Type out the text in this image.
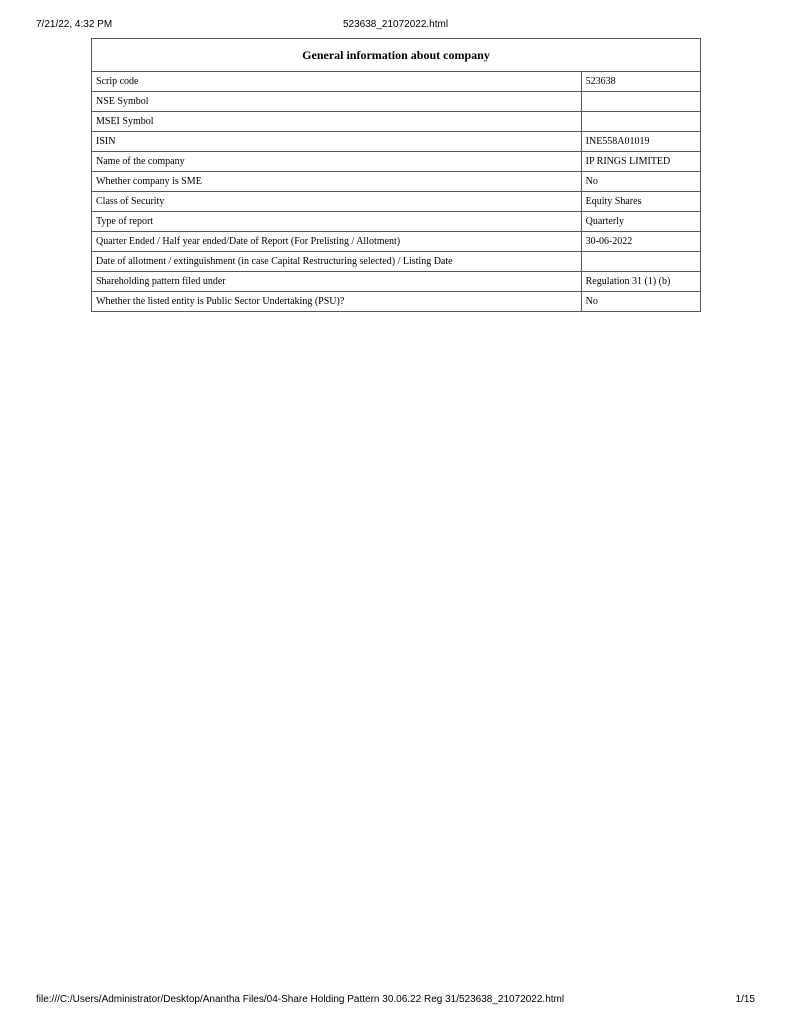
7/21/22, 4:32 PM	523638_21072022.html
General information about company	
Scrip code	523638
NSE Symbol	
MSEI Symbol	
ISIN	INE558A01019
Name of the company	IP RINGS LIMITED
Whether company is SME	No
Class of Security	Equity Shares
Type of report	Quarterly
Quarter Ended / Half year ended/Date of Report (For Prelisting / Allotment)	30-06-2022
Date of allotment / extinguishment (in case Capital Restructuring selected) / Listing Date	
Shareholding pattern filed under	Regulation 31 (1) (b)
Whether the listed entity is Public Sector Undertaking (PSU)?	No
file:///C:/Users/Administrator/Desktop/Anantha Files/04-Share Holding Pattern 30.06.22 Reg 31/523638_21072022.html	1/15
